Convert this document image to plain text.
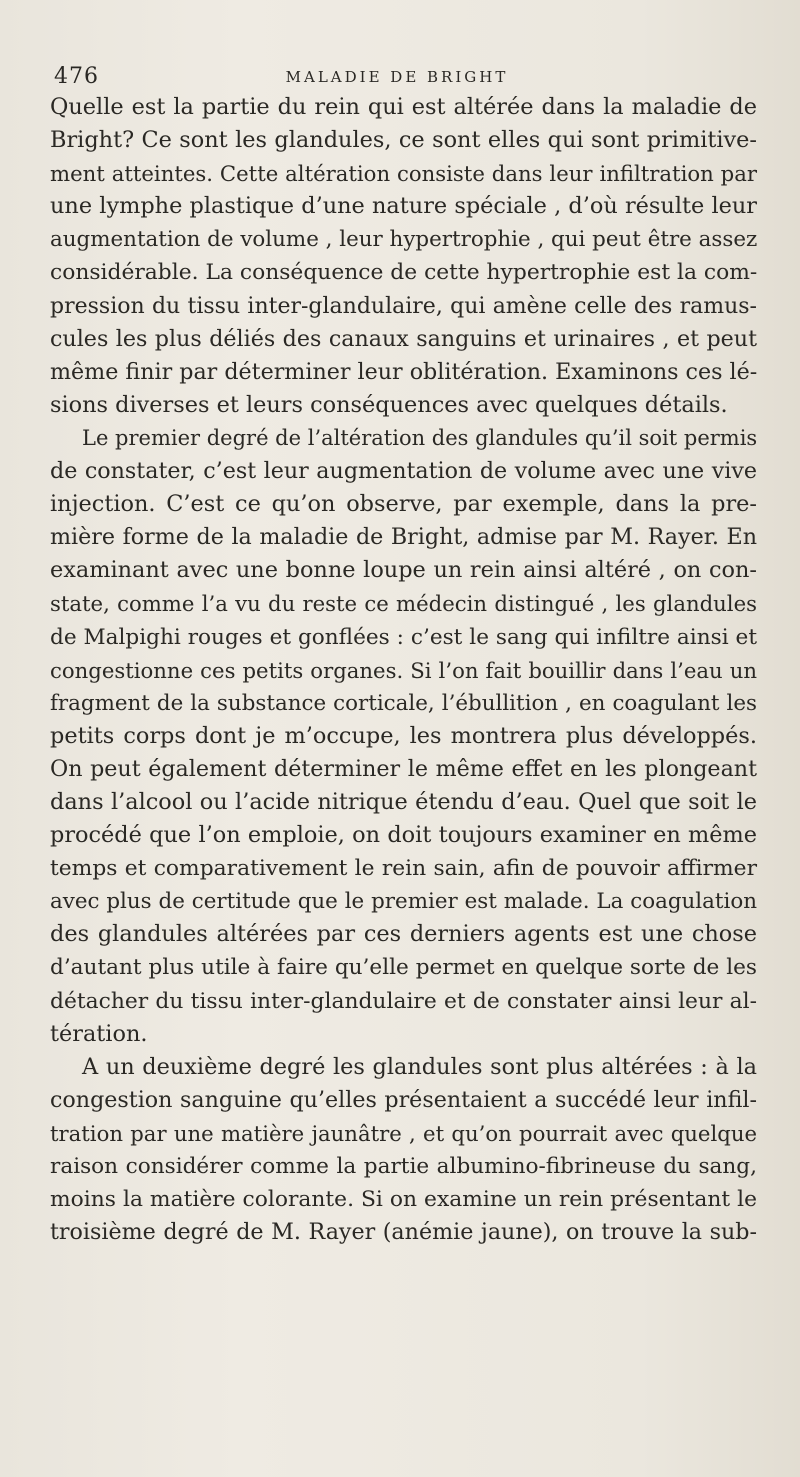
476	MALADIE DE BRIGHT
Quelle est la partie du rein qui est altérée dans la maladie de
Bright? Ce sont les glandules, ce sont elles qui sont primitive-
ment atteintes. Cette altération consiste dans leur infiltration par
une lymphe plastique d’une nature spéciale , d’où résulte leur
augmentation de volume , leur hypertrophie , qui peut être assez
considérable. La conséquence de cette hypertrophie est la com-
pression du tissu inter-glandulaire, qui amène celle des ramus-
cules les plus déliés des canaux sanguins et urinaires , et peut
même finir par déterminer leur oblitération. Examinons ces lé-
sions diverses et leurs conséquences avec quelques détails.
Le premier degré de l’altération des glandules qu’il soit permis
de constater, c’est leur augmentation de volume avec une vive
injection. C’est ce qu’on observe, par exemple, dans la pre-
mière forme de la maladie de Bright, admise par M. Rayer. En
examinant avec une bonne loupe un rein ainsi altéré , on con-
state, comme l’a vu du reste ce médecin distingué , les glandules
de Malpighi rouges et gonflées : c’est le sang qui infiltre ainsi et
congestionne ces petits organes. Si l’on fait bouillir dans l’eau un
fragment de la substance corticale, l’ébullition , en coagulant les
petits corps dont je m’occupe, les montrera plus développés.
On peut également déterminer le même effet en les plongeant
dans l’alcool ou l’acide nitrique étendu d’eau. Quel que soit le
procédé que l’on emploie, on doit toujours examiner en même
temps et comparativement le rein sain, afin de pouvoir affirmer
avec plus de certitude que le premier est malade. La coagulation
des glandules altérées par ces derniers agents est une chose
d’autant plus utile à faire qu’elle permet en quelque sorte de les
détacher du tissu inter-glandulaire et de constater ainsi leur al-
tération.
A un deuxième degré les glandules sont plus altérées : à la
congestion sanguine qu’elles présentaient a succédé leur infil-
tration par une matière jaunâtre , et qu’on pourrait avec quelque
raison considérer comme la partie albumino-fibrineuse du sang,
moins la matière colorante. Si on examine un rein présentant le
troisième degré de M. Rayer (anémie jaune), on trouve la sub-
